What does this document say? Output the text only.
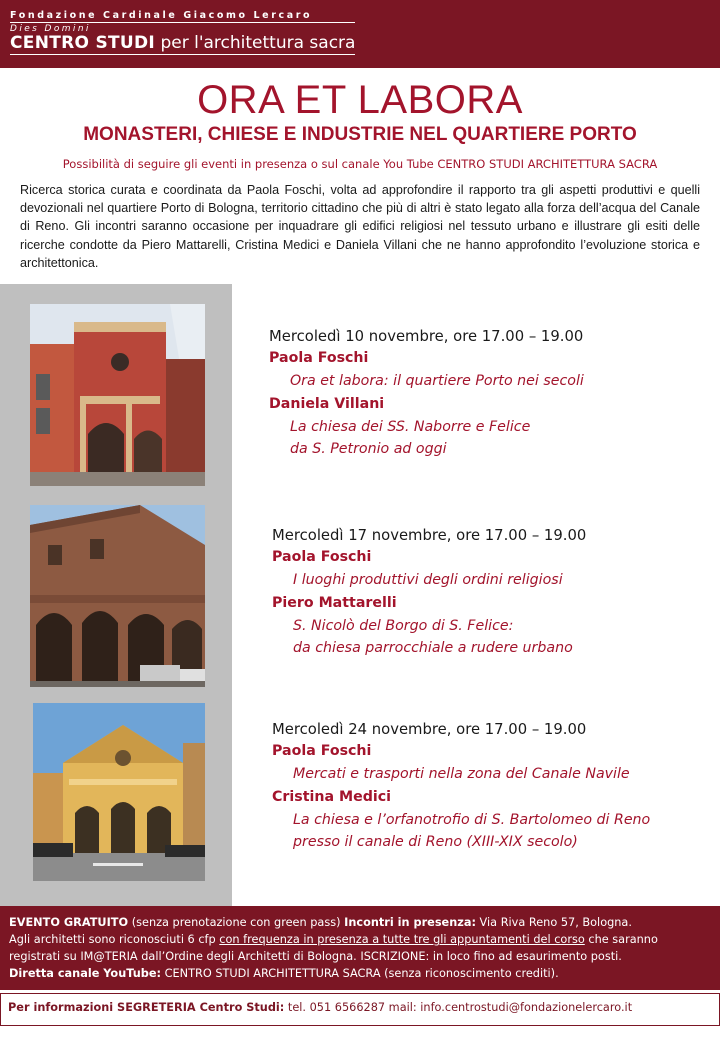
Fondazione Cardinale Giacomo Lercaro
Dies Domini
CENTRO STUDI per l'architettura sacra
ORA ET LABORA
MONASTERI, CHIESE E INDUSTRIE NEL QUARTIERE PORTO

Possibilità di seguire gli eventi in presenza o sul canale You Tube CENTRO STUDI ARCHITETTURA SACRA

Ricerca storica curata e coordinata da Paola Foschi, volta ad approfondire il rapporto tra gli aspetti produttivi e quelli devozionali nel quartiere Porto di Bologna, territorio cittadino che più di altri è stato legato alla forza dell’acqua del Canale di Reno. Gli incontri saranno occasione per inquadrare gli edifici religiosi nel tessuto urbano e illustrare gli esiti delle ricerche condotte da Piero Mattarelli, Cristina Medici e Daniela Villani che ne hanno approfondito l’evoluzione storica e architettonica.

Mercoledì 10 novembre, ore 17.00 – 19.00
Paola Foschi
Ora et labora: il quartiere Porto nei secoli
Daniela Villani
La chiesa dei SS. Naborre e Felice
da S. Petronio ad oggi
Mercoledì 17 novembre, ore 17.00 – 19.00
Paola Foschi
I luoghi produttivi degli ordini religiosi
Piero Mattarelli
S. Nicolò del Borgo di S. Felice:
da chiesa parrocchiale a rudere urbano
Mercoledì 24 novembre, ore 17.00 – 19.00
Paola Foschi
Mercati e trasporti nella zona del Canale Navile
Cristina Medici
La chiesa e l’orfanotrofio di S. Bartolomeo di Reno
presso il canale di Reno (XIII-XIX secolo)
EVENTO GRATUITO (senza prenotazione con green pass) Incontri in presenza: Via Riva Reno 57, Bologna.
Agli architetti sono riconosciuti 6 cfp con frequenza in presenza a tutte tre gli appuntamenti del corso che saranno
registrati su IM@TERIA dall’Ordine degli Architetti di Bologna. ISCRIZIONE: in loco fino ad esaurimento posti.
Diretta canale YouTube: CENTRO STUDI ARCHITETTURA SACRA (senza riconoscimento crediti).
Per informazioni SEGRETERIA Centro Studi: tel. 051 6566287 mail: info.centrostudi@fondazionelercaro.it
